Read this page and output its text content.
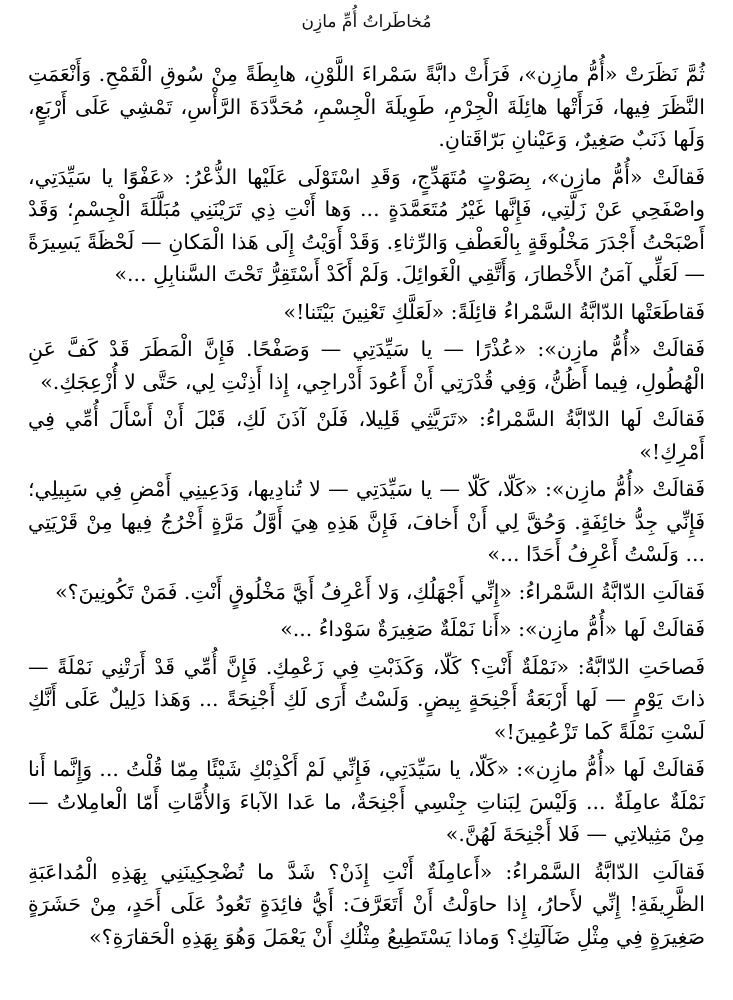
مُخاطَراتُ أُمِّ مازِن

ثُمَّ نَظَرَتْ «أُمُّ مازِن»، فَرَأَتْ دابَّةً سَمْراءَ اللَّوْنِ، هابِطَةً مِنْ سُوقِ الْقَمْحِ. وَأَنْعَمَتِ النَّظَرَ فِيها، فَرَأَتْها هائِلَةَ الْجِرْمِ، طَوِيلَةَ الْجِسْمِ، مُحَدَّدَةَ الرَّأْسِ، تَمْشِي عَلَى أَرْبَعٍ، وَلَها ذَنَبٌ صَغِيرٌ، وَعَيْنانِ بَرّاقَتانِ.

فَقالَتْ «أُمُّ مازِن»، بِصَوْتٍ مُتَهَدِّجٍ، وَقَدِ اسْتَوْلَى عَلَيْها الذُّعْرُ: «عَفْوًا يا سَيِّدَتِي، واصْفَحِي عَنْ زَلَّتِي، فَإِنَّها غَيْرُ مُتَعَمَّدَةٍ ... وَها أَنْتِ ذِي تَرَيْنَنِي مُبَلَّلَةَ الْجِسْمِ؛ وَقَدْ أَصْبَحْتُ أَجْدَرَ مَخْلُوقَةٍ بِالْعَطْفِ وَالرِّثاءِ. وَقَدْ أَوَيْتُ إِلَى هَذا الْمَكانِ — لَحْظَةً يَسِيرَةً — لَعَلِّي آمَنُ الأَخْطارَ، وَأَتَّقِي الْغَوائِلَ. وَلَمْ أَكَدْ أَسْتَقِرُّ تَحْتَ السَّنابِلِ ...»

فَقاطَعَتْها الدّابَّةُ السَّمْراءُ قائِلَةً: «لَعَلَّكِ تَعْنِينَ بَيْتَنا!»

فَقالَتْ «أُمُّ مازِن»: «عُذْرًا — يا سَيِّدَتِي — وَصَفْحًا. فَإِنَّ الْمَطَرَ قَدْ كَفَّ عَنِ الْهُطُولِ، فِيما أَظُنُّ، وَفِي قُدْرَتِي أَنْ أَعُودَ أَدْراجِي، إِذا أَذِنْتِ لِي، حَتَّى لا أُزْعِجَكِ.»

فَقالَتْ لَها الدّابَّةُ السَّمْراءُ: «تَرَيَّثِي قَلِيلا، فَلَنْ آذَنَ لَكِ، قَبْلَ أَنْ أَسْأَلَ أُمِّي فِي أَمْرِكِ!»

فَقالَتْ «أُمُّ مازِن»: «كَلّا، كَلّا — يا سَيِّدَتِي — لا تُنادِيها، وَدَعِينِي أَمْضِ فِي سَبِيلِي؛ فَإِنِّي جِدُّ خائِفَةٍ. وَحُقَّ لِي أَنْ أَخافَ، فَإِنَّ هَذِهِ هِيَ أَوَّلُ مَرَّةٍ أَخْرُجُ فِيها مِنْ قَرْيَتِي ... وَلَسْتُ أَعْرِفُ أَحَدًا ...»

فَقالَتِ الدّابَّةُ السَّمْراءُ: «إِنِّي أَجْهَلُكِ، وَلا أَعْرِفُ أَيَّ مَخْلُوقٍ أَنْتِ. فَمَنْ تَكُونِينَ؟»

فَقالَتْ لَها «أُمُّ مازِن»: «أَنا نَمْلَةٌ صَغِيرَةٌ سَوْداءُ ...»

فَصاحَتِ الدّابَّةُ: «نَمْلَةٌ أَنْتِ؟ كَلّا، وَكَذَبْتِ فِي زَعْمِكِ. فَإِنَّ أُمِّي قَدْ أَرَتْنِي نَمْلَةً — ذاتَ يَوْمٍ — لَها أَرْبَعَةُ أَجْنِحَةٍ بِيضٍ. وَلَسْتُ أَرَى لَكِ أَجْنِحَةً ... وَهَذا دَلِيلٌ عَلَى أَنَّكِ لَسْتِ نَمْلَةً كَما تَزْعُمِينَ!»

فَقالَتْ لَها «أُمُّ مازِن»: «كَلّا، يا سَيِّدَتِي، فَإِنِّي لَمْ أَكْذِبْكِ شَيْئًا مِمّا قُلْتُ ... وَإِنَّما أَنا نَمْلَةٌ عامِلَةٌ ... وَلَيْسَ لِبَناتِ جِنْسِي أَجْنِحَةٌ، ما عَدا الآباءَ وَالأُمَّاتِ أَمّا الْعامِلاتُ — مِنْ مَثِيلاتِي — فَلا أَجْنِحَةَ لَهُنَّ.»

فَقالَتِ الدّابَّةُ السَّمْراءُ: «أَعامِلَةٌ أَنْتِ إِذَنْ؟ شَدَّ ما تُضْحِكِينَنِي بِهَذِهِ الْمُداعَبَةِ الظَّرِيفَةِ! إِنِّي لأَحارُ، إِذا حاوَلْتُ أَنْ أَتَعَرَّفَ: أَيُّ فائِدَةٍ تَعُودُ عَلَى أَحَدٍ، مِنْ حَشَرَةٍ صَغِيرَةٍ فِي مِثْلِ ضَآلَتِكِ؟ وَماذا يَسْتَطِيعُ مِثْلُكِ أَنْ يَعْمَلَ وَهُوَ بِهَذِهِ الْحَقارَةِ؟»
